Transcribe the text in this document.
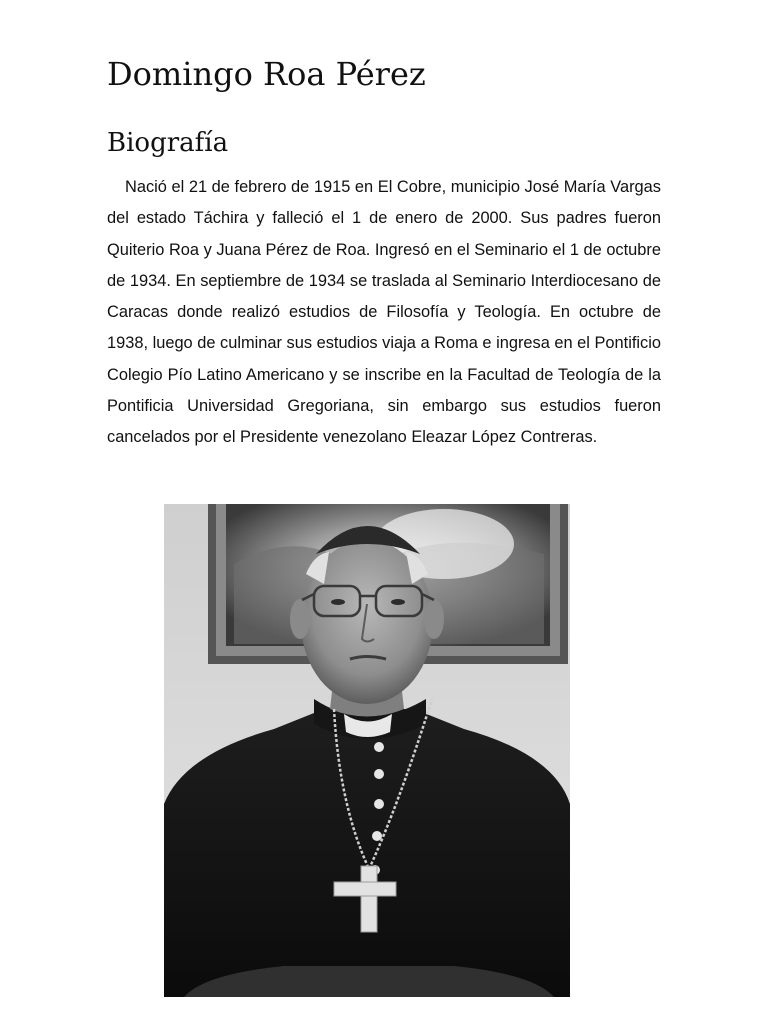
Domingo Roa Pérez
Biografía

Nació el 21 de febrero de 1915 en El Cobre, municipio José María Vargas del estado Táchira y falleció el 1 de enero de 2000. Sus padres fueron Quiterio Roa y Juana Pérez de Roa. Ingresó en el Seminario el 1 de octubre de 1934. En septiembre de 1934 se traslada al Seminario Interdiocesano de Caracas donde realizó estudios de Filosofía y Teología. En octubre de 1938, luego de culminar sus estudios viaja a Roma e ingresa en el Pontificio Colegio Pío Latino Americano y se inscribe en la Facultad de Teología de la Pontificia Universidad Gregoriana, sin embargo sus estudios fueron cancelados por el Presidente venezolano Eleazar López Contreras.
